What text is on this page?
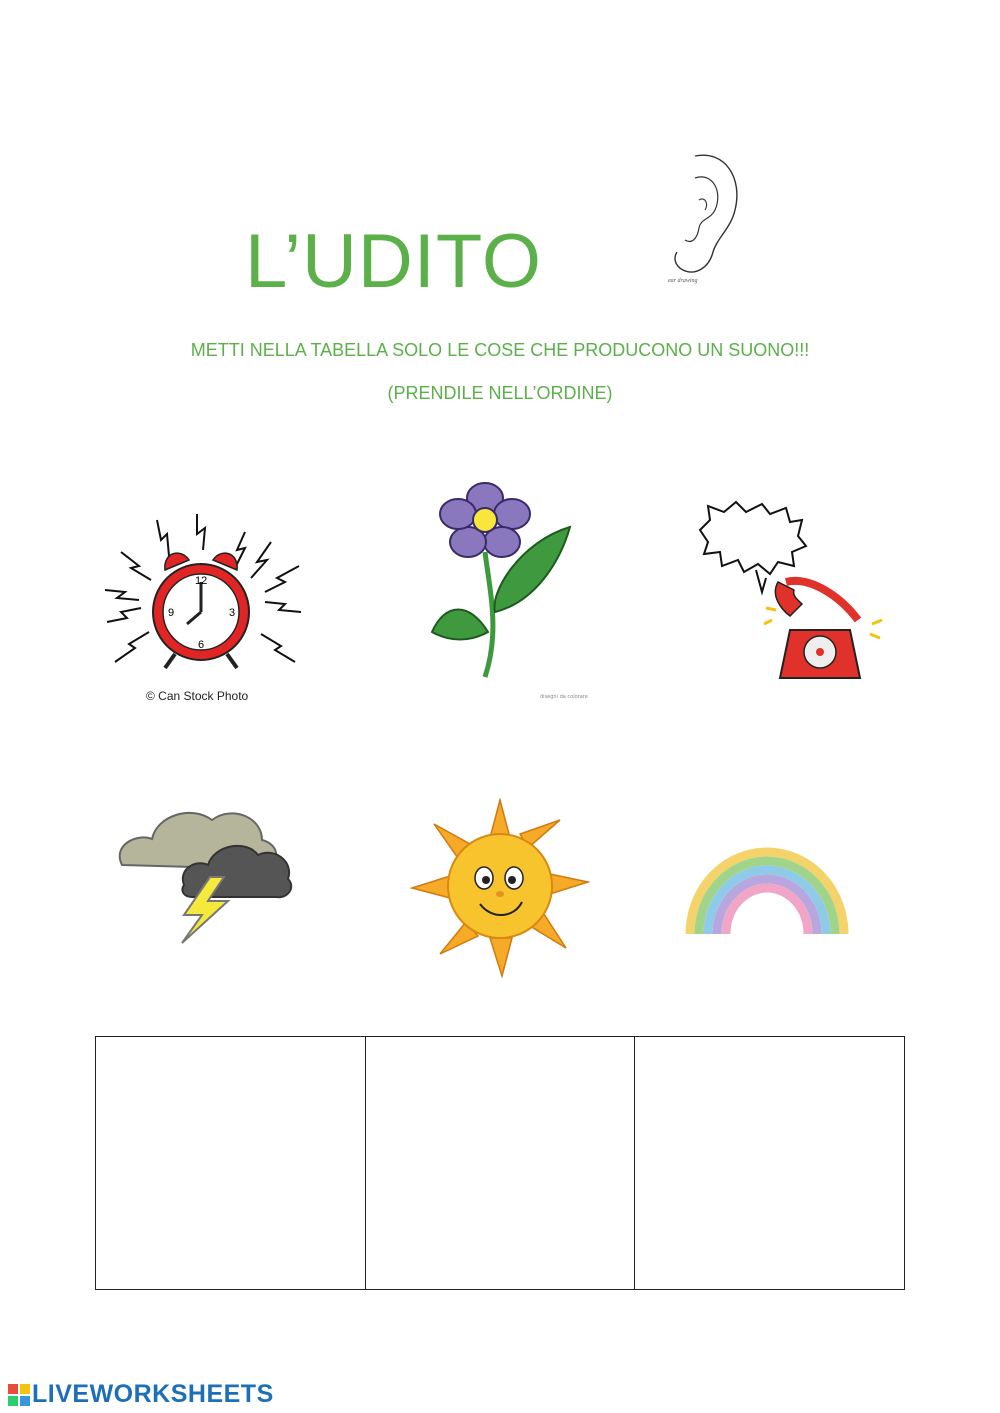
L’UDITO	ear drawing
METTI NELLA TABELLA SOLO LE COSE CHE PRODUCONO UN SUONO!!!
(PRENDILE NELL’ORDINE)
12
3
6
9
© Can Stock Photo	disegni da colorare
LIVEWORKSHEETS
